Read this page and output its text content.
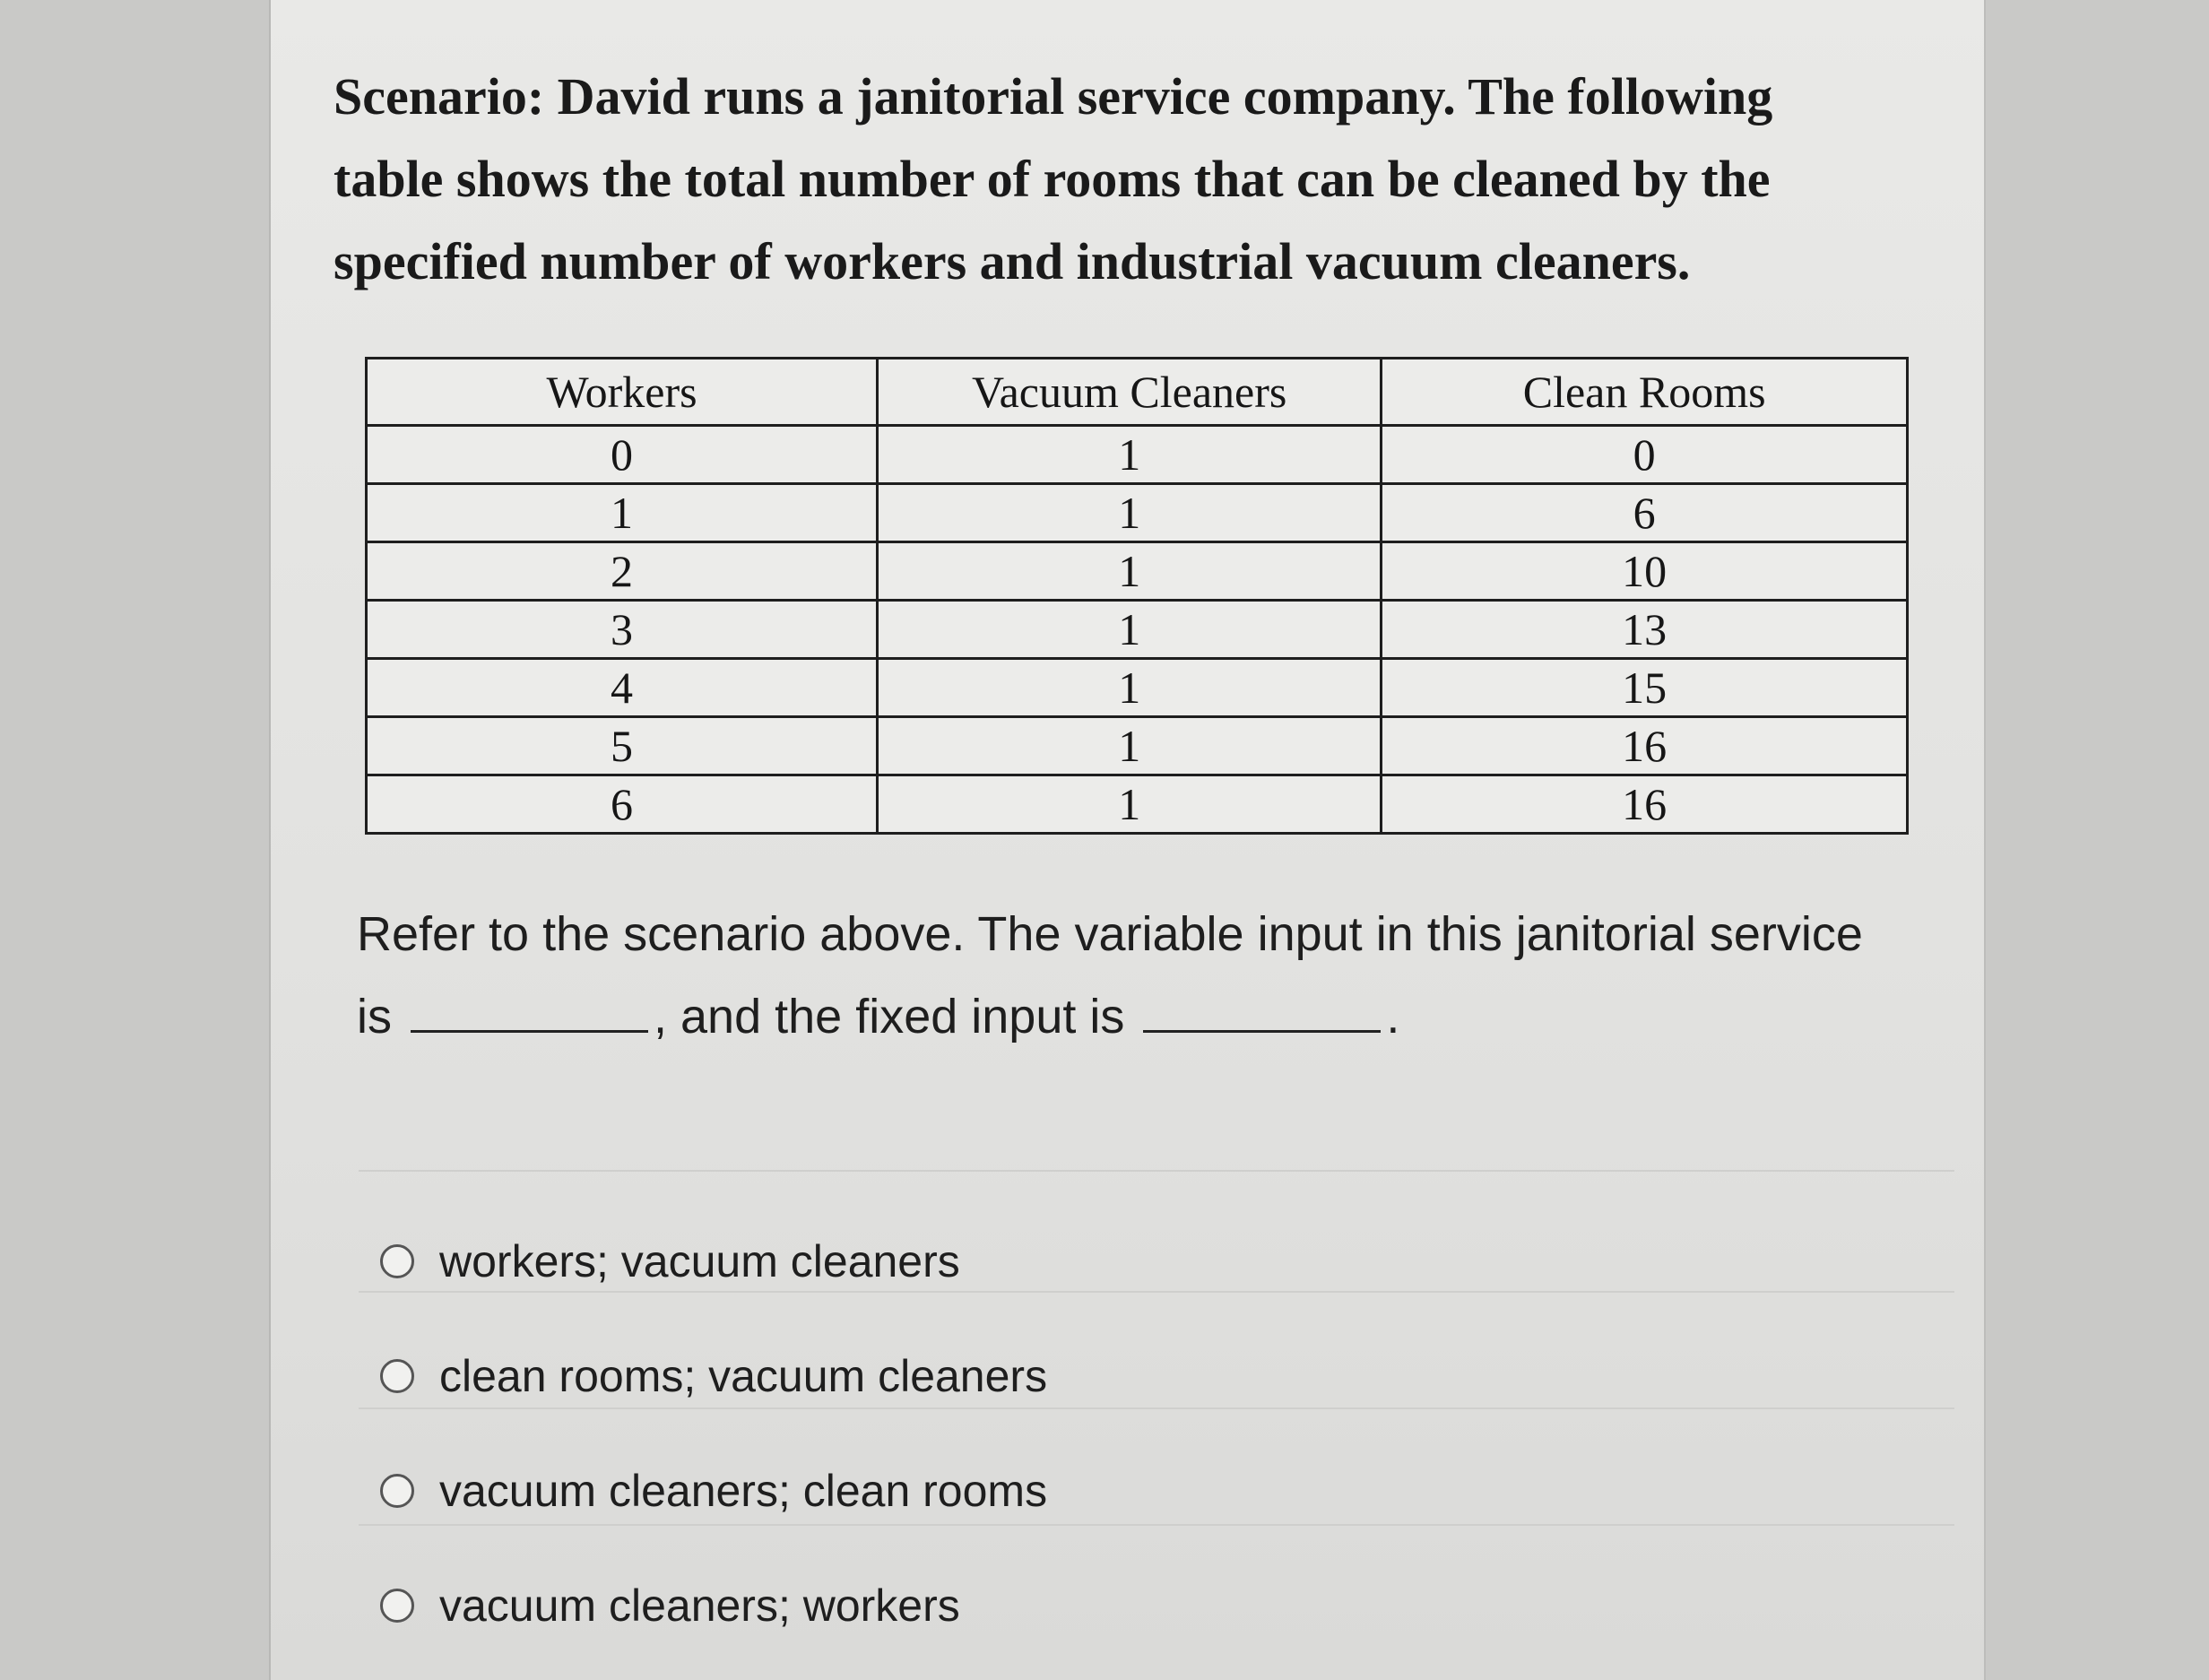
Scenario: David runs a janitorial service company. The following table shows the total number of rooms that can be cleaned by the specified number of workers and industrial vacuum cleaners.

Workers	Vacuum Cleaners	Clean Rooms
0	1	0
1	1	6
2	1	10
3	1	13
4	1	15
5	1	16
6	1	16

Refer to the scenario above. The variable input in this janitorial service is	, and the fixed input is	.

workers; vacuum cleaners
clean rooms; vacuum cleaners
vacuum cleaners; clean rooms
vacuum cleaners; workers
